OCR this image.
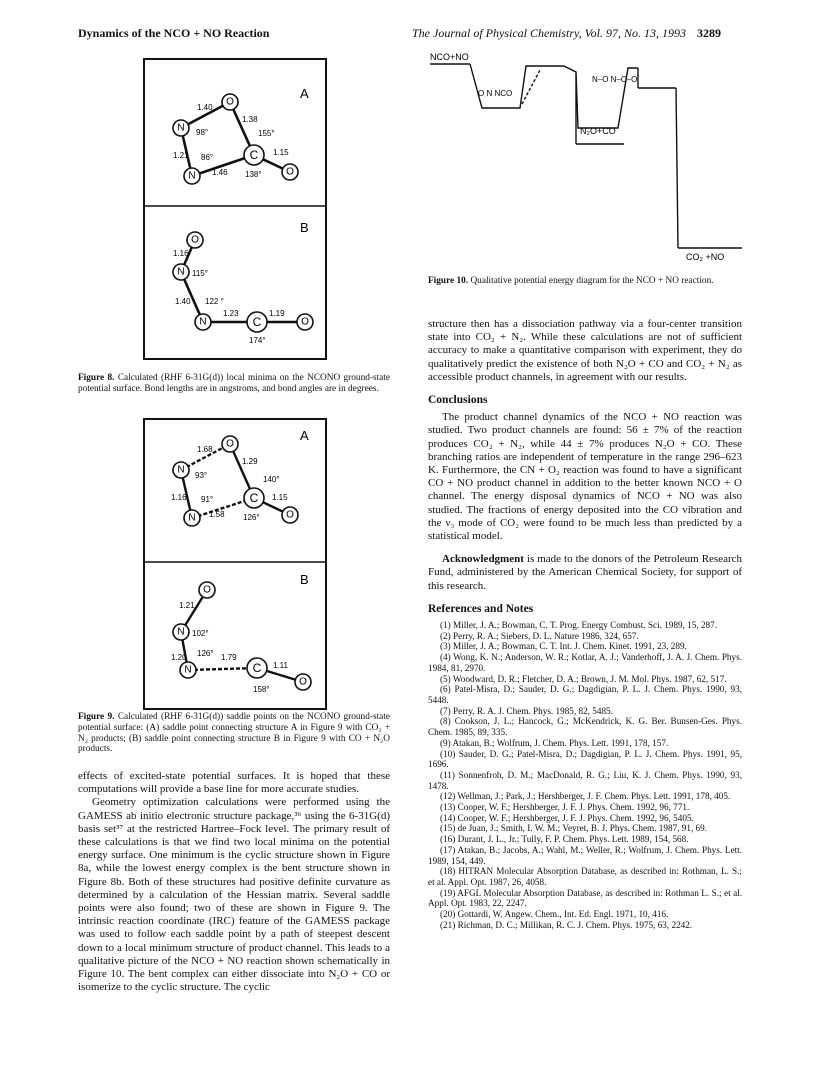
Dynamics of the NCO + NO Reaction	The Journal of Physical Chemistry, Vol. 97, No. 13, 1993 3289
O
N
N
C
O
A
1.40
1.38
1.21
1.46
1.15
98°
86°
155°
138°
O
N
N	C	O
B
1.16
1.40
1.23	1.19
115°
122 °
174°
Figure 8. Calculated (RHF 6-31G(d)) local minima on the NCONO ground-state potential surface. Bond lengths are in angstroms, and bond angles are in degrees.
O
N
N
C
O
A
1.68
1.29
1.16
1.58
1.15
93°
91°
140°
126°
O
N
N	C
O
B
1.21
1.20	1.79
1.11
102°
126°
158°
Figure 9. Calculated (RHF 6-31G(d)) saddle points on the NCONO ground-state potential surface: (A) saddle point connecting structure A in Figure 9 with CO₂ + N₂ products; (B) saddle point connecting structure B in Figure 9 with CO + N₂O products.

effects of excited-state potential surfaces. It is hoped that these computations will provide a base line for more accurate studies.

Geometry optimization calculations were performed using the GAMESS ab initio electronic structure package,³⁶ using the 6-31G(d) basis set³⁷ at the restricted Hartree–Fock level. The primary result of these calculations is that we find two local minima on the potential energy surface. One minimum is the cyclic structure shown in Figure 8a, while the lowest energy complex is the bent structure shown in Figure 8b. Both of these structures had positive definite curvature as determined by a calculation of the Hessian matrix. Several saddle points were also found; two of these are shown in Figure 9. The intrinsic reaction coordinate (IRC) feature of the GAMESS package was used to follow each saddle point by a path of steepest descent down to a local minimum structure of product channel. This leads to a qualitative picture of the NCO + NO reaction shown schematically in Figure 10. The bent complex can either dissociate into N₂O + CO or isomerize to the cyclic structure. The cyclic

NCO+NO
O N NCO
N–O N–C–O
N₂O+CO
CO₂ +NO
Figure 10. Qualitative potential energy diagram for the NCO + NO reaction.

structure then has a dissociation pathway via a four-center transition state into CO₂ + N₂. While these calculations are not of sufficient accuracy to make a quantitative comparison with experiment, they do qualitatively predict the existence of both N₂O + CO and CO₂ + N₂ as accessible product channels, in agreement with our results.

Conclusions

The product channel dynamics of the NCO + NO reaction was studied. Two product channels are found: 56 ± 7% of the reaction produces CO₂ + N₂, while 44 ± 7% produces N₂O + CO. These branching ratios are independent of temperature in the range 296–623 K. Furthermore, the CN + O₂ reaction was found to have a significant CO + NO product channel in addition to the better known NCO + O channel. The energy disposal dynamics of NCO + NO was also studied. The fractions of energy deposited into the CO vibration and the ν₃ mode of CO₂ were found to be much less than predicted by a statistical model.

Acknowledgment is made to the donors of the Petroleum Research Fund, administered by the American Chemical Society, for support of this research.

References and Notes

(1) Miller, J. A.; Bowman, C. T. Prog. Energy Combust. Sci. 1989, 15, 287.
(2) Perry, R. A.; Siebers, D. L. Nature 1986, 324, 657.
(3) Miller, J. A.; Bowman, C. T. Int. J. Chem. Kinet. 1991, 23, 289.
(4) Wong, K. N.; Anderson, W. R.; Kotlar, A. J.; Vanderhoff, J. A. J. Chem. Phys. 1984, 81, 2970.
(5) Woodward, D. R.; Fletcher, D. A.; Brown, J. M. Mol. Phys. 1987, 62, 517.
(6) Patel-Misra, D.; Sauder, D. G.; Dagdigian, P. L. J. Chem. Phys. 1990, 93, 5448.
(7) Perry, R. A. J. Chem. Phys. 1985, 82, 5485.
(8) Cookson, J. L.; Hancock, G.; McKendrick, K. G. Ber. Bunsen-Ges. Phys. Chem. 1985, 89, 335.
(9) Atakan, B.; Wolfrum, J. Chem. Phys. Lett. 1991, 178, 157.
(10) Sauder, D. G.; Patel-Misra, D.; Dagdigian, P. L. J. Chem. Phys. 1991, 95, 1696.
(11) Sonnenfroh, D. M.; MacDonald, R. G.; Liu, K. J. Chem. Phys. 1990, 93, 1478.
(12) Wellman, J.; Park, J.; Hershberger, J. F. Chem. Phys. Lett. 1991, 178, 405.
(13) Cooper, W. F.; Hershberger, J. F. J. Phys. Chem. 1992, 96, 771.
(14) Cooper, W. F.; Hershberger, J. F. J. Phys. Chem. 1992, 96, 5405.
(15) de Juan, J.; Smith, I. W. M.; Veyret, B. J. Phys. Chem. 1987, 91, 69.
(16) Durant, J. L., Jr.; Tully, F. P. Chem. Phys. Lett. 1989, 154, 568.
(17) Atakan, B.; Jacobs, A.; Wahl, M.; Weller, R.; Wolfrum, J. Chem. Phys. Lett. 1989, 154, 449.
(18) HITRAN Molecular Absorption Database, as described in: Rothman, L. S.; et al. Appl. Opt. 1987, 26, 4058.
(19) AFGL Molecular Absorption Database, as described in: Rothman L. S.; et al. Appl. Opt. 1983, 22, 2247.
(20) Gottardi, W. Angew. Chem., Int. Ed. Engl. 1971, 10, 416.
(21) Richman, D. C.; Millikan, R. C. J. Chem. Phys. 1975, 63, 2242.
